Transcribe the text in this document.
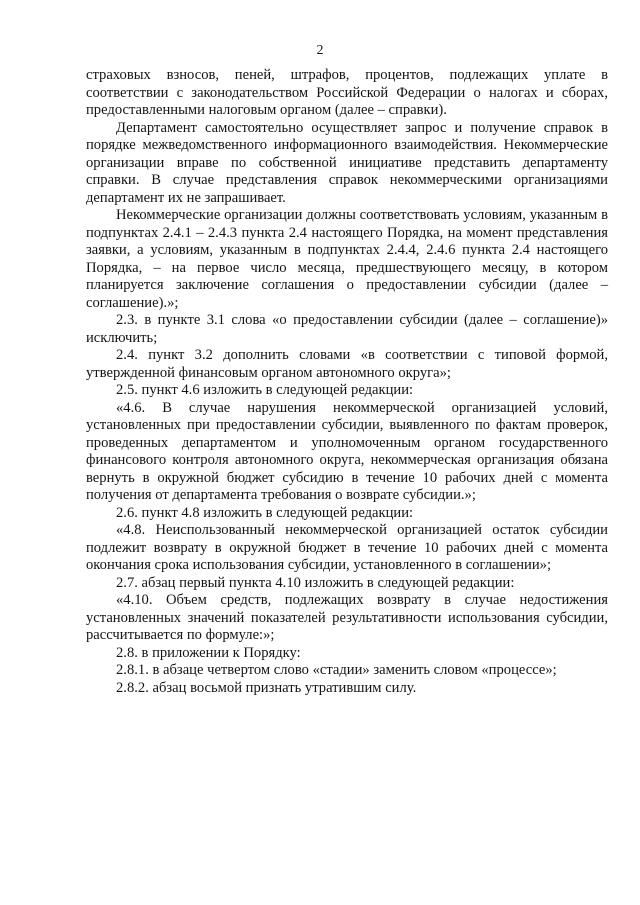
2

страховых взносов, пеней, штрафов, процентов, подлежащих уплате в соответствии с законодательством Российской Федерации о налогах и сборах, предоставленными налоговым органом (далее – справки).

Департамент самостоятельно осуществляет запрос и получение справок в порядке межведомственного информационного взаимодействия. Некоммерческие организации вправе по собственной инициативе представить департаменту справки. В случае представления справок некоммерческими организациями департамент их не запрашивает.

Некоммерческие организации должны соответствовать условиям, указанным в подпунктах 2.4.1 – 2.4.3 пункта 2.4 настоящего Порядка, на момент представления заявки, а условиям, указанным в подпунктах 2.4.4, 2.4.6 пункта 2.4 настоящего Порядка, – на первое число месяца, предшествующего месяцу, в котором планируется заключение соглашения о предоставлении субсидии (далее – соглашение).»;

2.3. в пункте 3.1 слова «о предоставлении субсидии (далее – соглашение)» исключить;

2.4. пункт 3.2 дополнить словами «в соответствии с типовой формой, утвержденной финансовым органом автономного округа»;

2.5. пункт 4.6 изложить в следующей редакции:

«4.6. В случае нарушения некоммерческой организацией условий, установленных при предоставлении субсидии, выявленного по фактам проверок, проведенных департаментом и уполномоченным органом государственного финансового контроля автономного округа, некоммерческая организация обязана вернуть в окружной бюджет субсидию в течение 10 рабочих дней с момента получения от департамента требования о возврате субсидии.»;

2.6. пункт 4.8 изложить в следующей редакции:

«4.8. Неиспользованный некоммерческой организацией остаток субсидии подлежит возврату в окружной бюджет в течение 10 рабочих дней с момента окончания срока использования субсидии, установленного в соглашении»;

2.7. абзац первый пункта 4.10 изложить в следующей редакции:

«4.10. Объем средств, подлежащих возврату в случае недостижения установленных значений показателей результативности использования субсидии, рассчитывается по формуле:»;

2.8. в приложении к Порядку:

2.8.1. в абзаце четвертом слово «стадии» заменить словом «процессе»;

2.8.2. абзац восьмой признать утратившим силу.
